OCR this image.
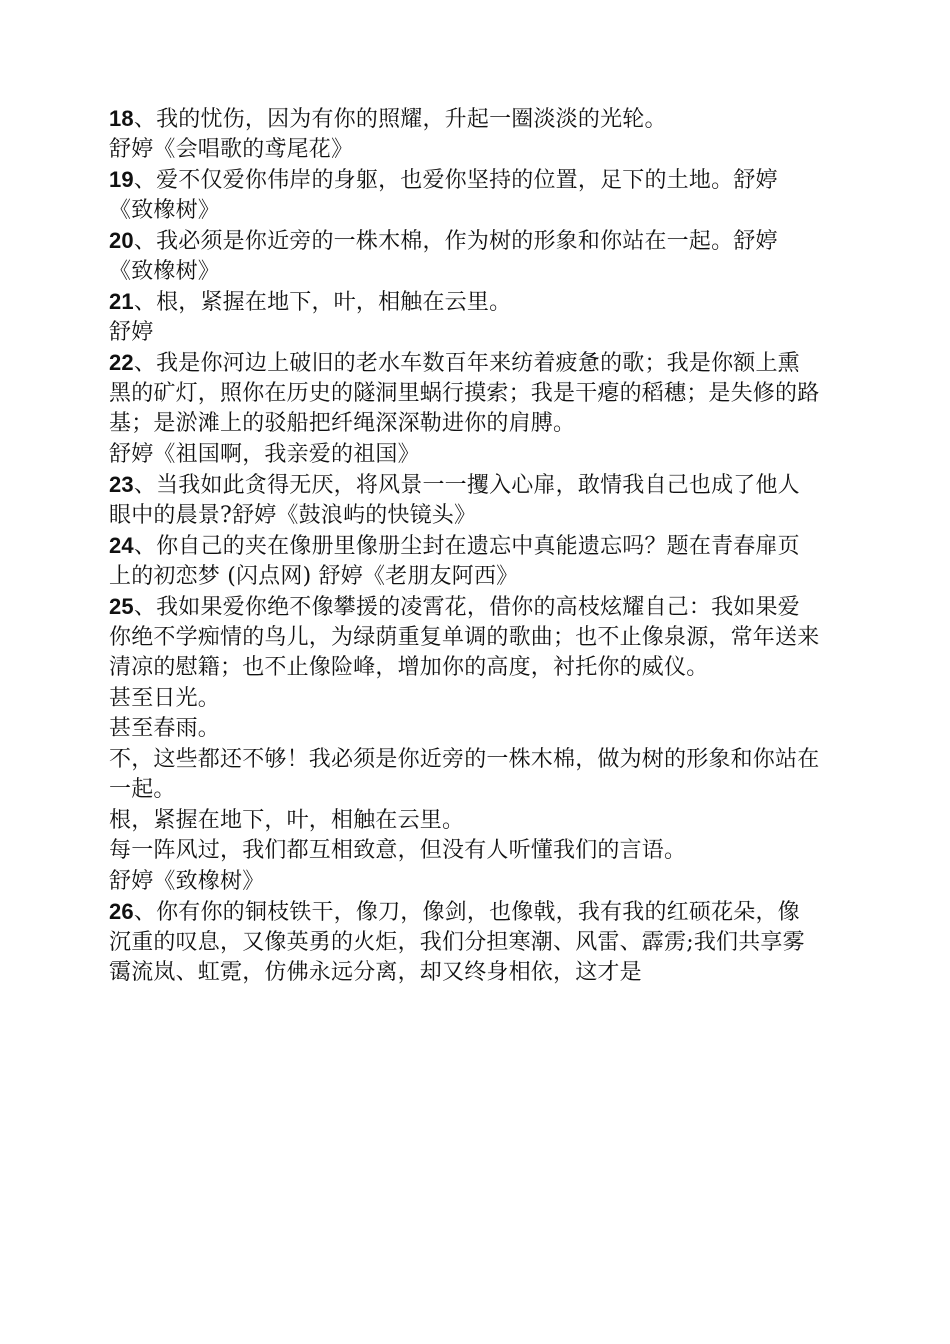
18、我的忧伤，因为有你的照耀，升起一圈淡淡的光轮。
舒婷《会唱歌的鸢尾花》
19、爱不仅爱你伟岸的身躯，也爱你坚持的位置，足下的土地。舒婷
《致橡树》
20、我必须是你近旁的一株木棉，作为树的形象和你站在一起。舒婷
《致橡树》
21、根，紧握在地下，叶，相触在云里。
舒婷
22、我是你河边上破旧的老水车数百年来纺着疲惫的歌；我是你额上熏
黑的矿灯，照你在历史的隧洞里蜗行摸索；我是干瘪的稻穗；是失修的路
基；是淤滩上的驳船把纤绳深深勒进你的肩膊。
舒婷《祖国啊，我亲爱的祖国》
23、当我如此贪得无厌，将风景一一攫入心扉，敢情我自己也成了他人
眼中的晨景?舒婷《鼓浪屿的快镜头》
24、你自己的夹在像册里像册尘封在遗忘中真能遗忘吗？题在青春扉页
上的初恋梦 (闪点网) 舒婷《老朋友阿西》
25、我如果爱你绝不像攀援的凌霄花，借你的高枝炫耀自己：我如果爱
你绝不学痴情的鸟儿，为绿荫重复单调的歌曲；也不止像泉源，常年送来
清凉的慰籍；也不止像险峰，增加你的高度，衬托你的威仪。
甚至日光。
甚至春雨。
不，这些都还不够！我必须是你近旁的一株木棉，做为树的形象和你站在
一起。
根，紧握在地下，叶，相触在云里。
每一阵风过，我们都互相致意，但没有人听懂我们的言语。
舒婷《致橡树》
26、你有你的铜枝铁干，像刀，像剑，也像戟，我有我的红硕花朵，像
沉重的叹息，又像英勇的火炬，我们分担寒潮、风雷、霹雳;我们共享雾
霭流岚、虹霓，仿佛永远分离，却又终身相依，这才是
